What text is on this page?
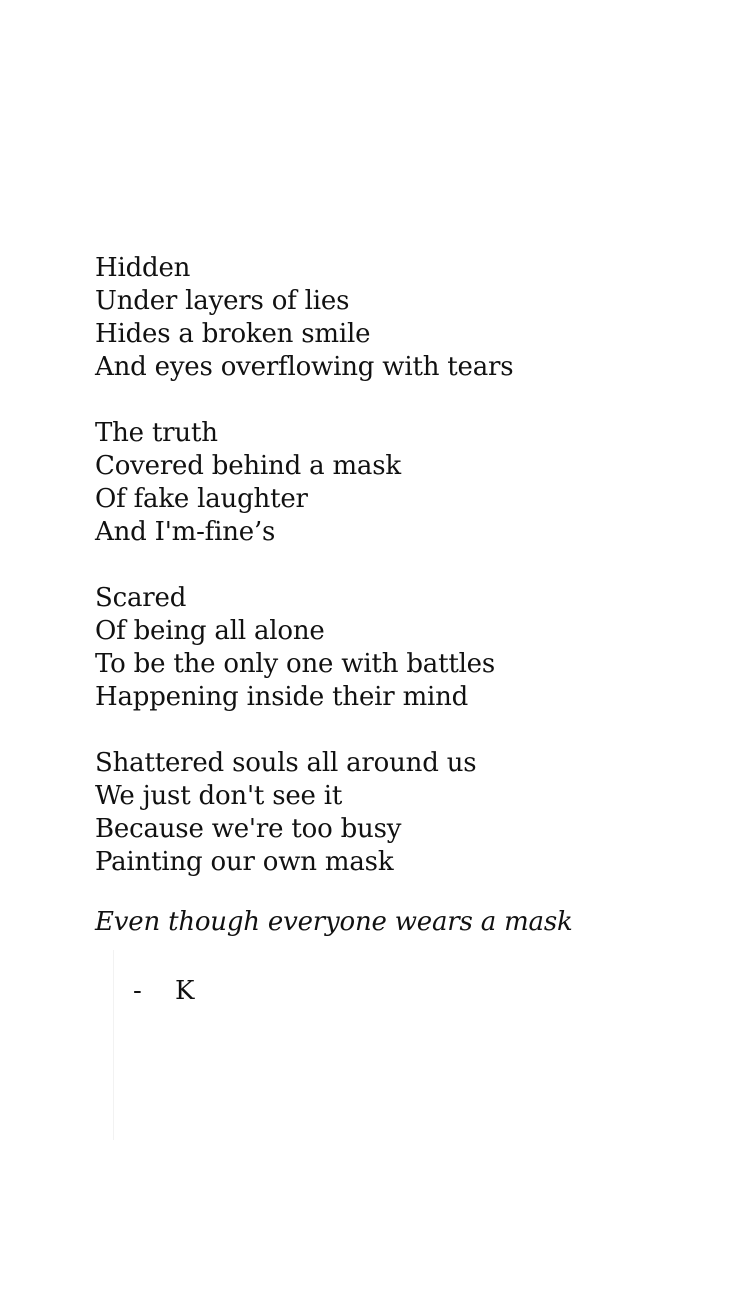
Hidden
Under layers of lies
Hides a broken smile
And eyes overflowing with tears
The truth
Covered behind a mask
Of fake laughter
And I'm-fine’s
Scared
Of being all alone
To be the only one with battles
Happening inside their mind
Shattered souls all around us
We just don't see it
Because we're too busy
Painting our own mask
Even though everyone wears a mask
- K
